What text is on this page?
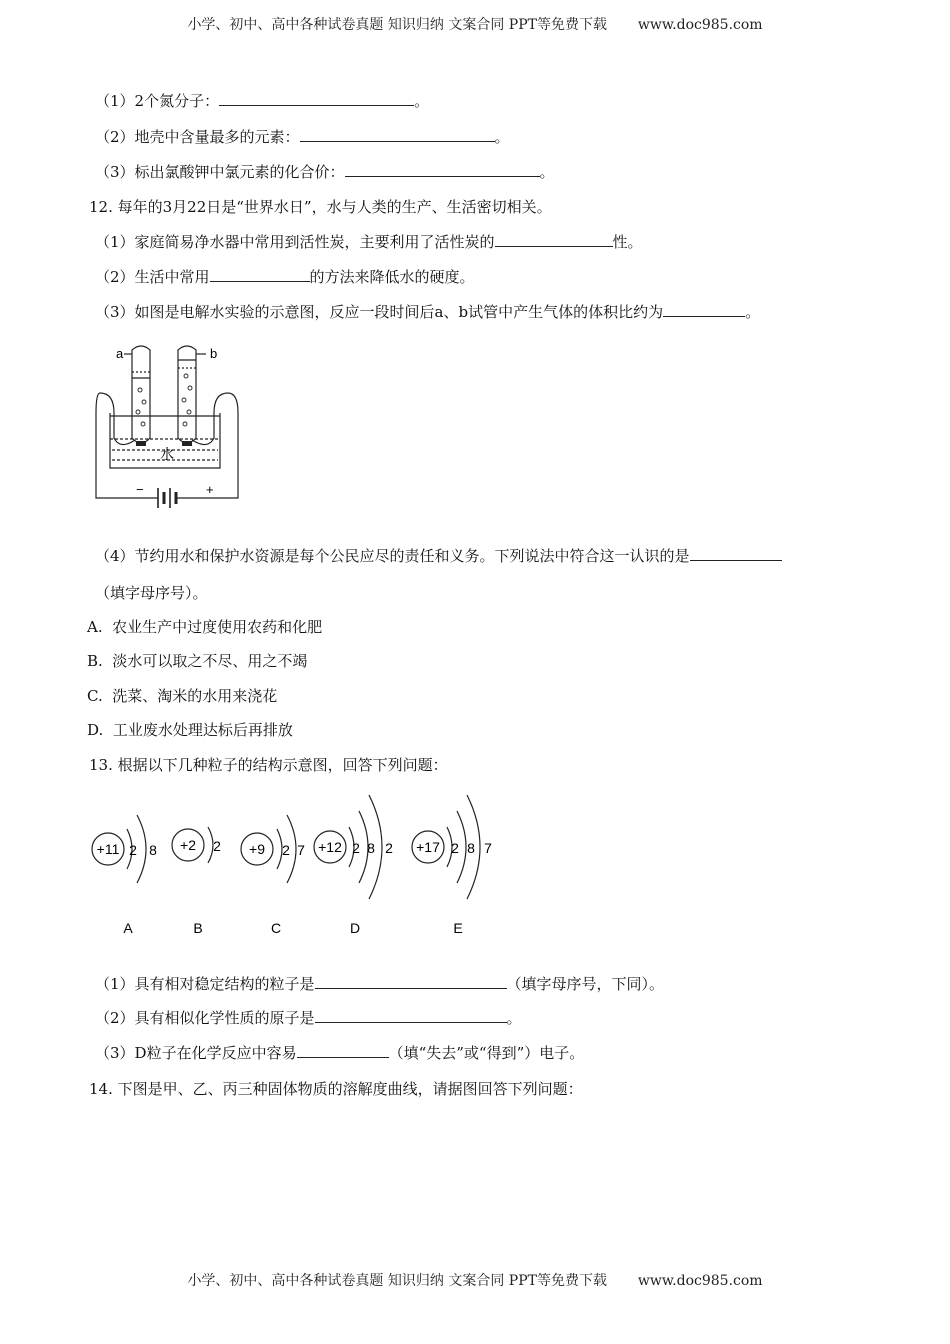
小学、初中、高中各种试卷真题 知识归纳 文案合同 PPT等免费下载 www.doc985.com
（1）2个氮分子：	。
（2）地壳中含量最多的元素：	。
（3）标出氯酸钾中氯元素的化合价：	。
12. 每年的3月22日是“世界水日”，水与人类的生产、生活密切相关。
（1）家庭简易净水器中常用到活性炭，主要利用了活性炭的	性。
（2）生活中常用	的方法来降低水的硬度。
（3）如图是电解水实验的示意图，反应一段时间后a、b试管中产生气体的体积比约为	。
a	b
水
−	+
（4）节约用水和保护水资源是每个公民应尽的责任和义务。下列说法中符合这一认识的是
（填字母序号）。
A. 农业生产中过度使用农药和化肥
B. 淡水可以取之不尽、用之不竭
C. 洗菜、淘米的水用来浇花
D. 工业废水处理达标后再排放
13. 根据以下几种粒子的结构示意图，回答下列问题：
+11 2 8 +2 2 +9 2 7 +12 2 8 2 +17 2 8 7
A	B	C	D	E
（1）具有相对稳定结构的粒子是	（填字母序号，下同）。
（2）具有相似化学性质的原子是	。
（3）D粒子在化学反应中容易	（填“失去”或“得到”）电子。
14. 下图是甲、乙、丙三种固体物质的溶解度曲线，请据图回答下列问题：
小学、初中、高中各种试卷真题 知识归纳 文案合同 PPT等免费下载 www.doc985.com
